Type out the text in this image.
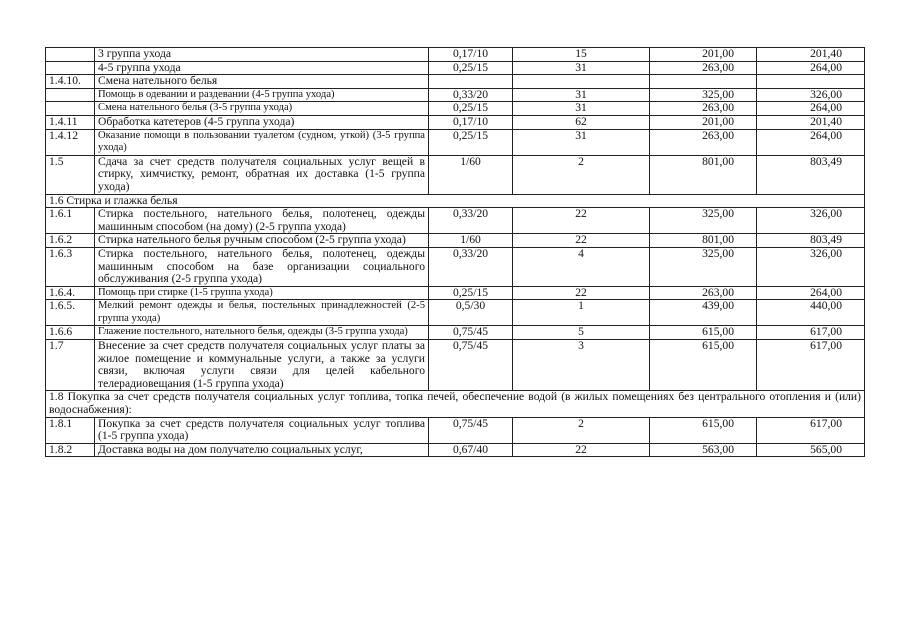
	3 группа ухода	0,17/10	15	201,00	201,40
	4-5 группа ухода	0,25/15	31	263,00	264,00
1.4.10.	Смена нательного белья				
	Помощь в одевании и раздевании (4-5 группа ухода)	0,33/20	31	325,00	326,00
	Смена нательного белья (3-5 группа ухода)	0,25/15	31	263,00	264,00
1.4.11	Обработка катетеров (4-5 группа ухода)	0,17/10	62	201,00	201,40
1.4.12	Оказание помощи в пользовании туалетом (судном, уткой) (3-5 группа ухода)	0,25/15	31	263,00	264,00
1.5	Сдача за счет средств получателя социальных услуг вещей в стирку, химчистку, ремонт, обратная их доставка (1-5 группа ухода)	1/60	2	801,00	803,49
1.6 Стирка и глажка белья					
1.6.1	Стирка постельного, нательного белья, полотенец, одежды машинным способом (на дому) (2-5 группа ухода)	0,33/20	22	325,00	326,00
1.6.2	Стирка нательного белья ручным способом (2-5 группа ухода)	1/60	22	801,00	803,49
1.6.3	Стирка постельного, нательного белья, полотенец, одежды машинным способом на базе организации социального обслуживания (2-5 группа ухода)	0,33/20	4	325,00	326,00
1.6.4.	Помощь при стирке (1-5 группа ухода)	0,25/15	22	263,00	264,00
1.6.5.	Мелкий ремонт одежды и белья, постельных принадлежностей (2-5 группа ухода)	0,5/30	1	439,00	440,00
1.6.6	Глажение постельного, нательного белья, одежды (3-5 группа ухода)	0,75/45	5	615,00	617,00
1.7	Внесение за счет средств получателя социальных услуг платы за жилое помещение и коммунальные услуги, а также за услуги связи, включая услуги связи для целей кабельного телерадиовещания (1-5 группа ухода)	0,75/45	3	615,00	617,00
1.8 Покупка за счет средств получателя социальных услуг топлива, топка печей, обеспечение водой (в жилых помещениях без центрального отопления и (или) водоснабжения):					
1.8.1	Покупка за счет средств получателя социальных услуг топлива (1-5 группа ухода)	0,75/45	2	615,00	617,00
1.8.2	Доставка воды на дом получателю социальных услуг,	0,67/40	22	563,00	565,00
